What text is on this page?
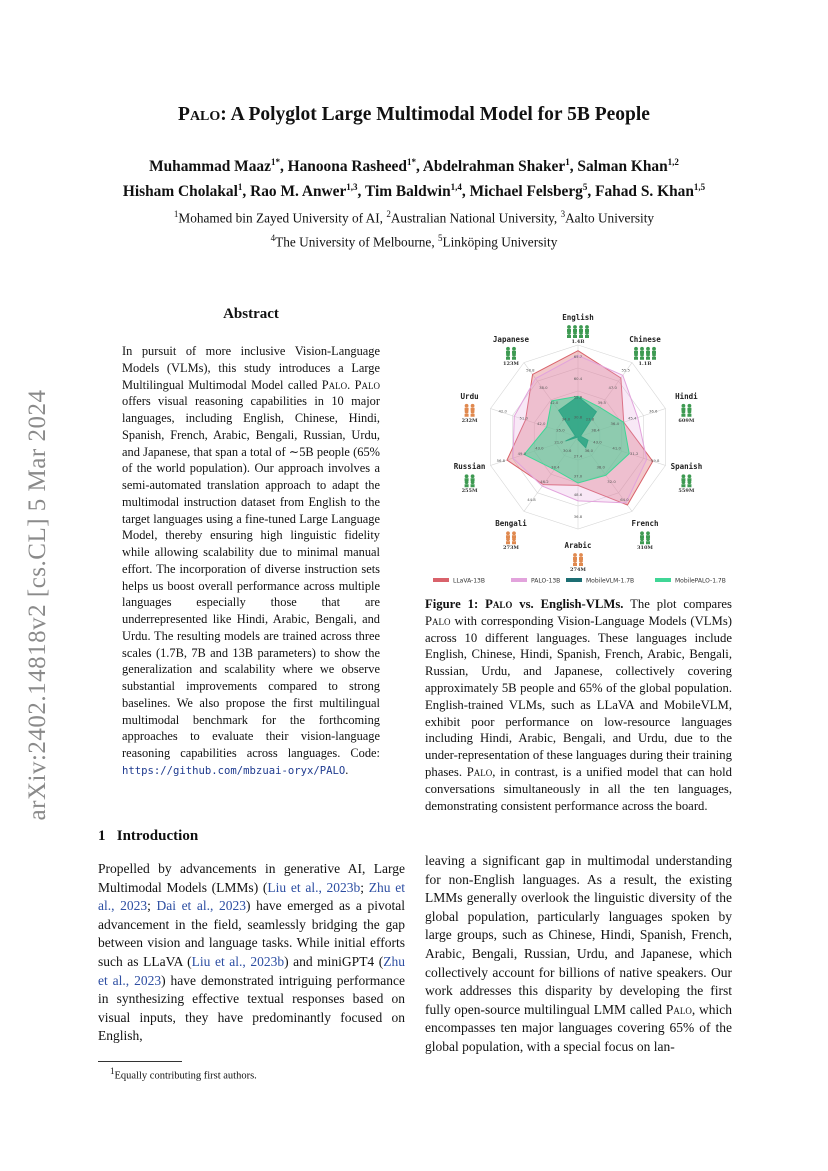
arXiv:2402.14818v2 [cs.CL] 5 Mar 2024
Palo: A Polyglot Large Multimodal Model for 5B People
Muhammad Maaz$^{1*}$, Hanoona Rasheed$^{1*}$, Abdelrahman Shaker$^1$, Salman Khan$^{1,2}$
Hisham Cholakal$^1$, Rao M. Anwer$^{1,3}$, Tim Baldwin$^{1,4}$, Michael Felsberg$^5$, Fahad S. Khan$^{1,5}$
$^1$Mohamed bin Zayed University of AI, $^2$Australian National University, $^3$Aalto University
$^4$The University of Melbourne, $^5$Linköping University
Abstract
In pursuit of more inclusive Vision-Language Models (VLMs), this study introduces a Large Multilingual Multimodal Model called Palo. Palo offers visual reasoning capabilities in 10 major languages, including English, Chinese, Hindi, Spanish, French, Arabic, Bengali, Russian, Urdu, and Japanese, that span a total of ∼5B people (65% of the world population). Our approach involves a semi-automated translation approach to adapt the multimodal instruction dataset from English to the target languages using a fine-tuned Large Language Model, thereby ensuring high linguistic fidelity while allowing scalability due to minimal manual effort. The incorporation of diverse instruction sets helps us boost overall performance across multiple languages especially those that are underrepresented like Hindi, Arabic, Bengali, and Urdu. The resulting models are trained across three scales (1.7B, 7B and 13B parameters) to show the generalization and scalability where we observe substantial improvements compared to strong baselines. We also propose the first multilingual multimodal benchmark for the forthcoming approaches to evaluate their vision-language reasoning capabilities across languages. Code: https://github.com/mbzuai-oryx/PALO.
1 Introduction
Propelled by advancements in generative AI, Large Multimodal Models (LMMs) (Liu et al., 2023b; Zhu et al., 2023; Dai et al., 2023) have emerged as a pivotal advancement in the field, seamlessly bridging the gap between vision and language tasks. While initial efforts such as LLaVA (Liu et al., 2023b) and miniGPT4 (Zhu et al., 2023) have demonstrated intriguing performance in synthesizing effective textual responses based on visual inputs, they have predominantly focused on English,
$^1$Equally contributing first authors.
65.7
55.5
36.6
59.8
64.0
36.8
44.8
56.8
42.0
58.8
60.4
47.0
45.4
31.2
32.0
48.6
46.2
49.0
51.0
38.0
30.8 23.8
38.4
43.0
36.0
27.4
30.6
21.0
25.0
34.0
55.6
39.5
36.4
41.0
38.0
37.0
38.4
43.0
42.0
42.0
English
1.4B	Chinese
1.1B
Hindi
609M
Spanish
559M
French
310M
Arabic
274M
Bengali
273M
Russian
255M
Urdu
232M
Japanese
123M
LLaVA-13B	PALO-13B	MobileVLM-1.7B	MobilePALO-1.7B
Figure 1: Palo vs. English-VLMs. The plot compares Palo with corresponding Vision-Language Models (VLMs) across 10 different languages. These languages include English, Chinese, Hindi, Spanish, French, Arabic, Bengali, Russian, Urdu, and Japanese, collectively covering approximately 5B people and 65% of the global population. English-trained VLMs, such as LLaVA and MobileVLM, exhibit poor performance on low-resource languages including Hindi, Arabic, Bengali, and Urdu, due to the under-representation of these languages during their training phases. Palo, in contrast, is a unified model that can hold conversations simultaneously in all the ten languages, demonstrating consistent performance across the board.
leaving a significant gap in multimodal understanding for non-English languages. As a result, the existing LMMs generally overlook the linguistic diversity of the global population, particularly languages spoken by large groups, such as Chinese, Hindi, Spanish, French, Arabic, Bengali, Russian, Urdu, and Japanese, which collectively account for billions of native speakers. Our work addresses this disparity by developing the first fully open-source multilingual LMM called Palo, which encompasses ten major languages covering 65% of the global population, with a special focus on lan-
